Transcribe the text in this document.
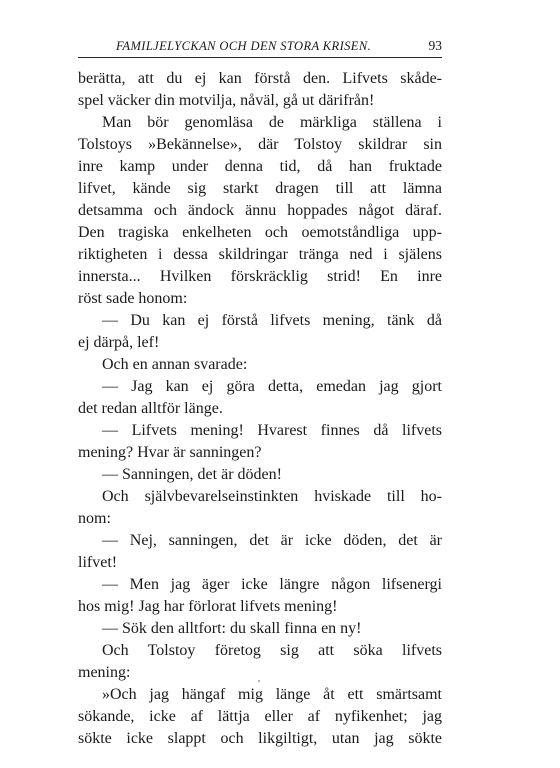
FAMILJELYCKAN OCH DEN STORA KRISEN.	93
berätta, att du ej kan förstå den. Lifvets skåde-
spel väcker din motvilja, nåväl, gå ut därifrån!
Man bör genomläsa de märkliga ställena i
Tolstoys »Bekännelse», där Tolstoy skildrar sin
inre kamp under denna tid, då han fruktade
lifvet, kände sig starkt dragen till att lämna
detsamma och ändock ännu hoppades något däraf.
Den tragiska enkelheten och oemotståndliga upp-
riktigheten i dessa skildringar tränga ned i själens
innersta... Hvilken förskräcklig strid! En inre
röst sade honom:
— Du kan ej förstå lifvets mening, tänk då
ej därpå, lef!
Och en annan svarade:
— Jag kan ej göra detta, emedan jag gjort
det redan alltför länge.
— Lifvets mening! Hvarest finnes då lifvets
mening? Hvar är sanningen?
— Sanningen, det är döden!
Och självbevarelseinstinkten hviskade till ho-
nom:
— Nej, sanningen, det är icke döden, det är
lifvet!
— Men jag äger icke längre någon lifsenergi
hos mig! Jag har förlorat lifvets mening!
— Sök den alltfort: du skall finna en ny!
Och Tolstoy företog sig att söka lifvets
mening:
»Och jag hängaf mig länge åt ett smärtsamt
sökande, icke af lättja eller af nyfikenhet; jag
sökte icke slappt och likgiltigt, utan jag sökte
